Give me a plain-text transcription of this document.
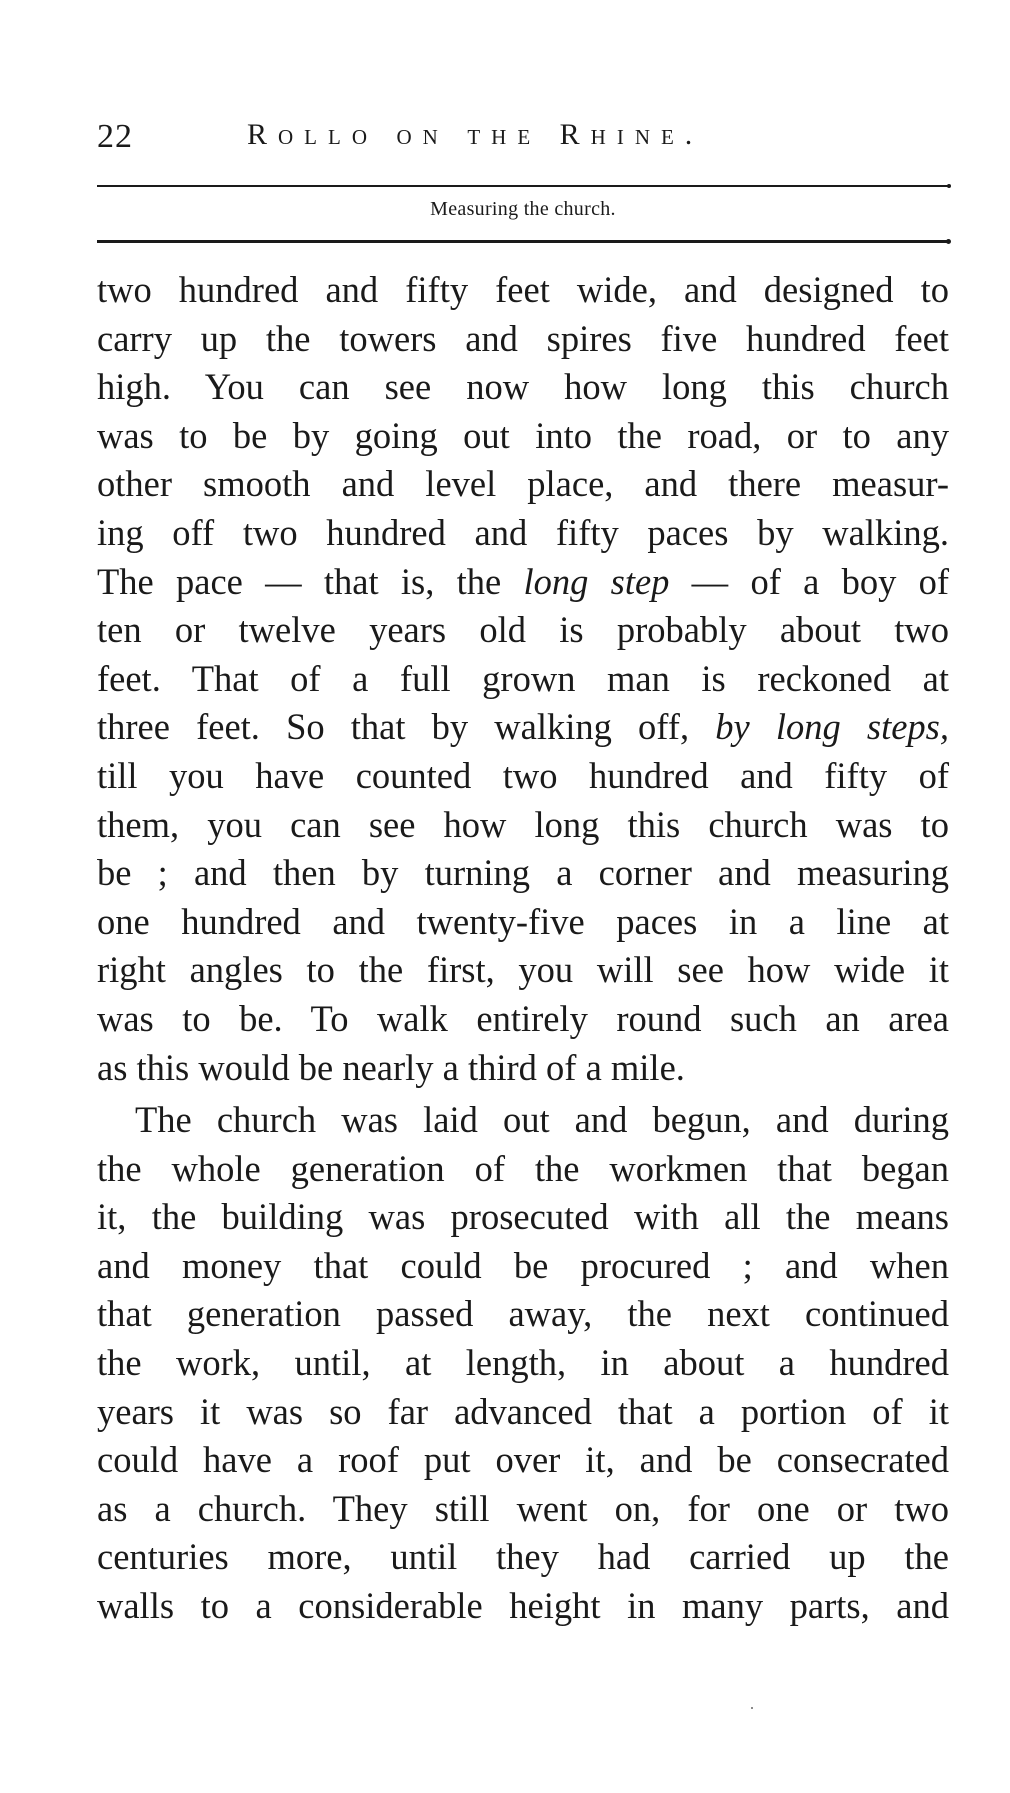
22	Rollo on the Rhine.
Measuring the church.
two hundred and fifty feet wide, and designed to
carry up the towers and spires five hundred feet
high. You can see now how long this church
was to be by going out into the road, or to any
other smooth and level place, and there measur-
ing off two hundred and fifty paces by walking.
The pace — that is, the long step — of a boy of
ten or twelve years old is probably about two
feet. That of a full grown man is reckoned at
three feet. So that by walking off, by long steps,
till you have counted two hundred and fifty of
them, you can see how long this church was to
be ; and then by turning a corner and measuring
one hundred and twenty-five paces in a line at
right angles to the first, you will see how wide it
was to be. To walk entirely round such an area
as this would be nearly a third of a mile.
The church was laid out and begun, and during
the whole generation of the workmen that began
it, the building was prosecuted with all the means
and money that could be procured ; and when
that generation passed away, the next continued
the work, until, at length, in about a hundred
years it was so far advanced that a portion of it
could have a roof put over it, and be consecrated
as a church. They still went on, for one or two
centuries more, until they had carried up the
walls to a considerable height in many parts, and
